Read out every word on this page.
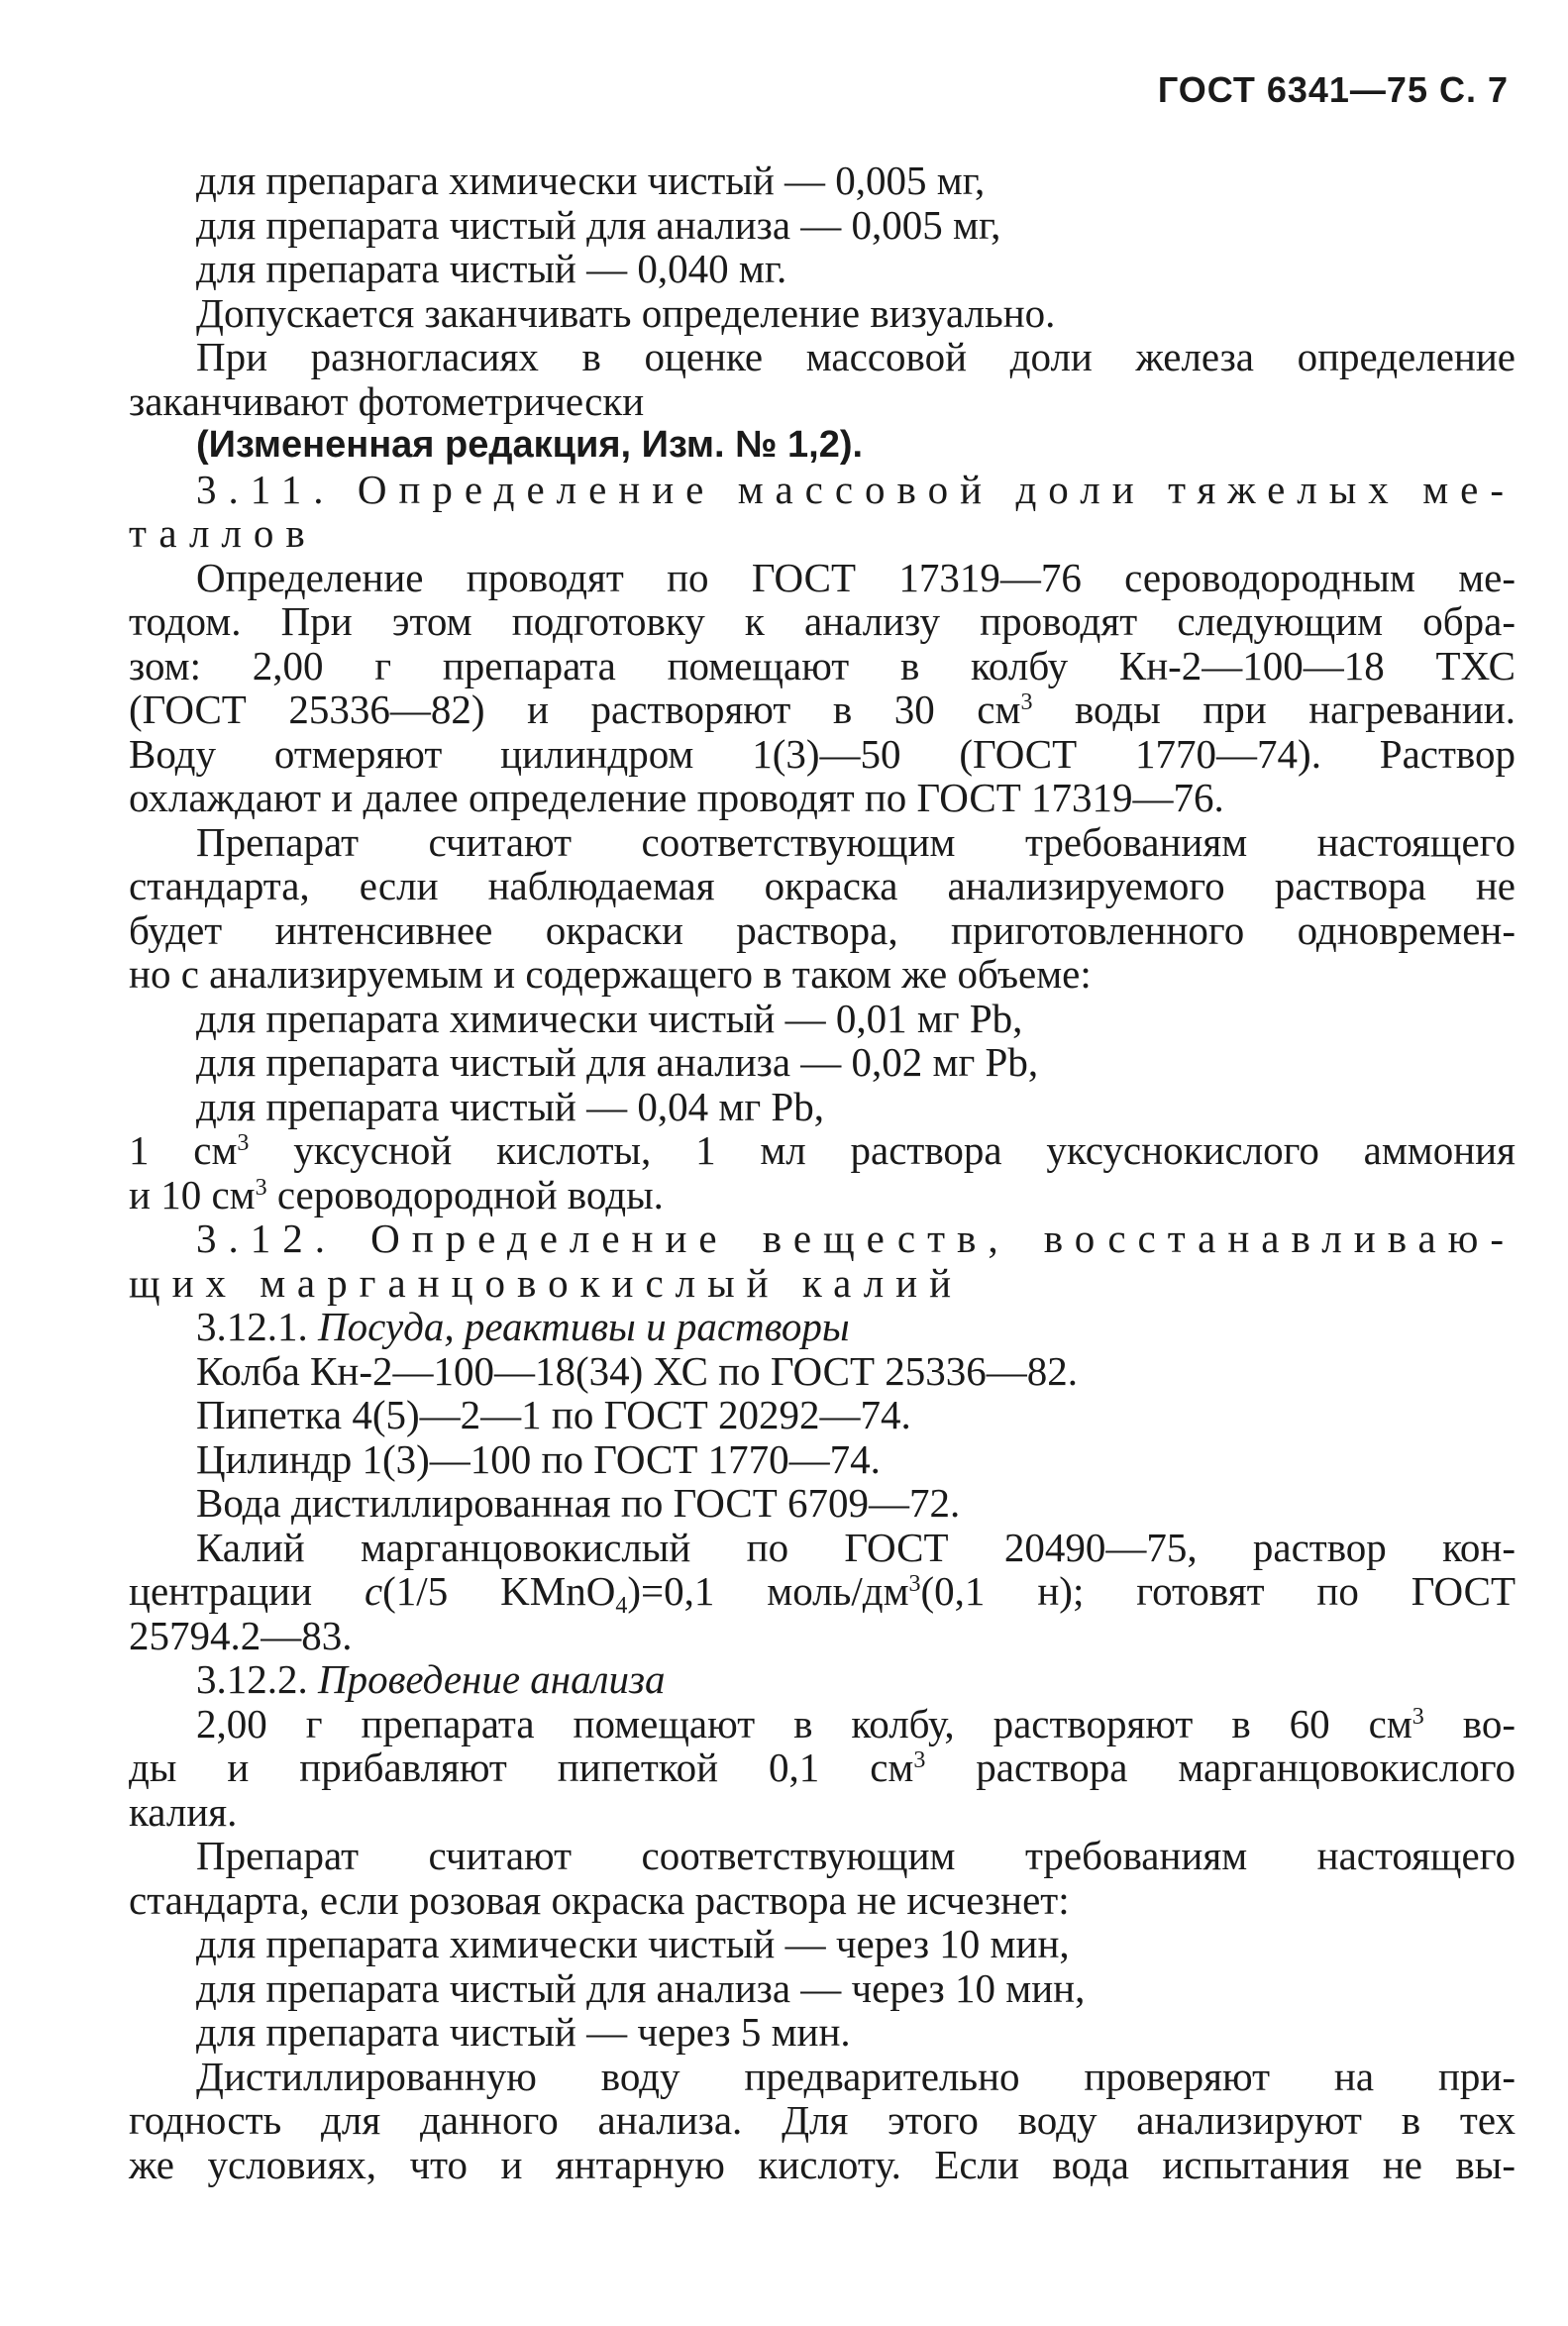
ГОСТ 6341—75 С. 7
для препарага химически чистый — 0,005 мг,
для препарата чистый для анализа — 0,005 мг,
для препарата чистый — 0,040 мг.
Допускается заканчивать определение визуально.
При разногласиях в оценке массовой доли железа определение
заканчивают фотометрически
(Измененная редакция, Изм. № 1,2).
3.11. Определение массовой доли тяжелых ме-
таллов
Определение проводят по ГОСТ 17319—76 сероводородным ме-
тодом. При этом подготовку к анализу проводят следующим обра-
зом: 2,00 г препарата помещают в колбу Кн-2—100—18 ТХС
(ГОСТ 25336—82) и растворяют в 30 $см^3$ воды при нагревании.
Воду отмеряют цилиндром 1(3)—50 (ГОСТ 1770—74). Раствор
охлаждают и далее определение проводят по ГОСТ 17319—76.
Препарат считают соответствующим требованиям настоящего
стандарта, если наблюдаемая окраска анализируемого раствора не
будет интенсивнее окраски раствора, приготовленного одновремен-
но с анализируемым и содержащего в таком же объеме:
для препарата химически чистый — 0,01 мг Pb,
для препарата чистый для анализа — 0,02 мг Pb,
для препарата чистый — 0,04 мг Pb,
1 $см^3$ уксусной кислоты, 1 мл раствора уксуснокислого аммония
и 10 $см^3$ сероводородной воды.
3.12. Определение веществ, восстанавливаю-
щих марганцовокислый калий
3.12.1. Посуда, реактивы и растворы
Колба Кн-2—100—18(34) ХС по ГОСТ 25336—82.
Пипетка 4(5)—2—1 по ГОСТ 20292—74.
Цилиндр 1(3)—100 по ГОСТ 1770—74.
Вода дистиллированная по ГОСТ 6709—72.
Калий марганцовокислый по ГОСТ 20490—75, раствор кон-
центрации с(1/5 KMnO$_4$)=0,1 моль/$дм^3(0,1$ н); готовят по ГОСТ
25794.2—83.
3.12.2. Проведение анализа
2,00 г препарата помещают в колбу, растворяют в 60 $см^3$ во-
ды и прибавляют пипеткой 0,1 $см^3$ раствора марганцовокислого
калия.
Препарат считают соответствующим требованиям настоящего
стандарта, если розовая окраска раствора не исчезнет:
для препарата химически чистый — через 10 мин,
для препарата чистый для анализа — через 10 мин,
для препарата чистый — через 5 мин.
Дистиллированную воду предварительно проверяют на при-
годность для данного анализа. Для этого воду анализируют в тех
же условиях, что и янтарную кислоту. Если вода испытания не вы-
